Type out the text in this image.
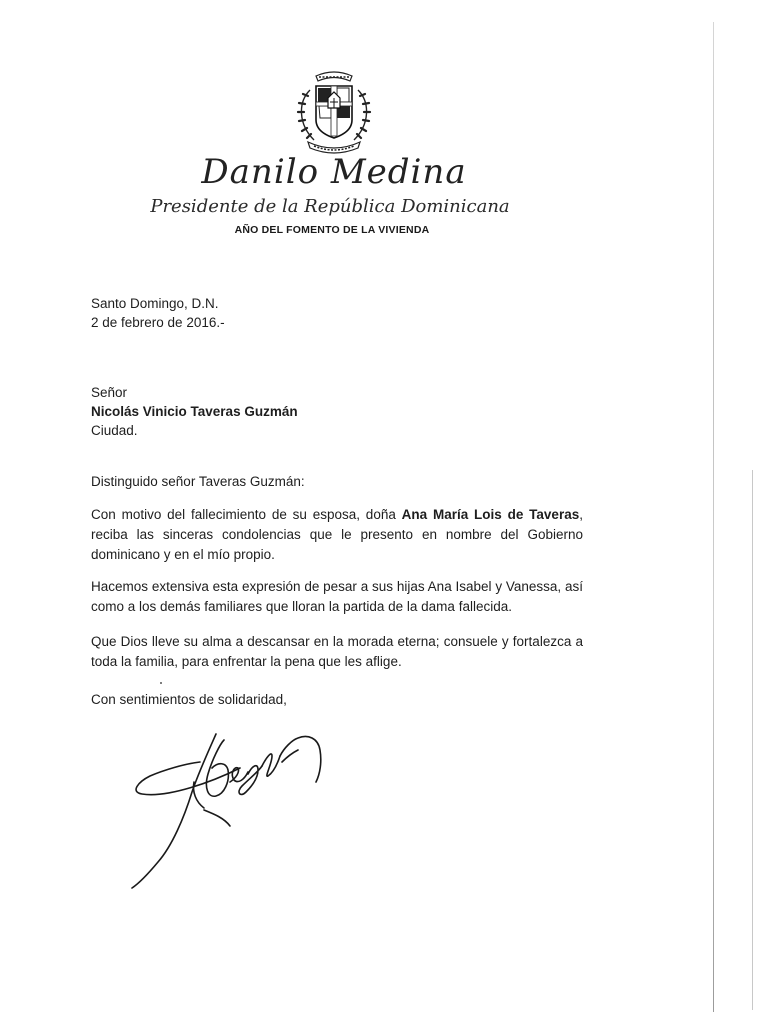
Danilo Medina
Presidente de la República Dominicana
AÑO DEL FOMENTO DE LA VIVIENDA
Santo Domingo, D.N.
2 de febrero de 2016.-
Señor
Nicolás Vinicio Taveras Guzmán
Ciudad.
Distinguido señor Taveras Guzmán:
Con motivo del fallecimiento de su esposa, doña Ana María Lois de Taveras, reciba las sinceras condolencias que le presento en nombre del Gobierno dominicano y en el mío propio.
Hacemos extensiva esta expresión de pesar a sus hijas Ana Isabel y Vanessa, así como a los demás familiares que lloran la partida de la dama fallecida.
Que Dios lleve su alma a descansar en la morada eterna; consuele y fortalezca a toda la familia, para enfrentar la pena que les aflige.
Con sentimientos de solidaridad,
